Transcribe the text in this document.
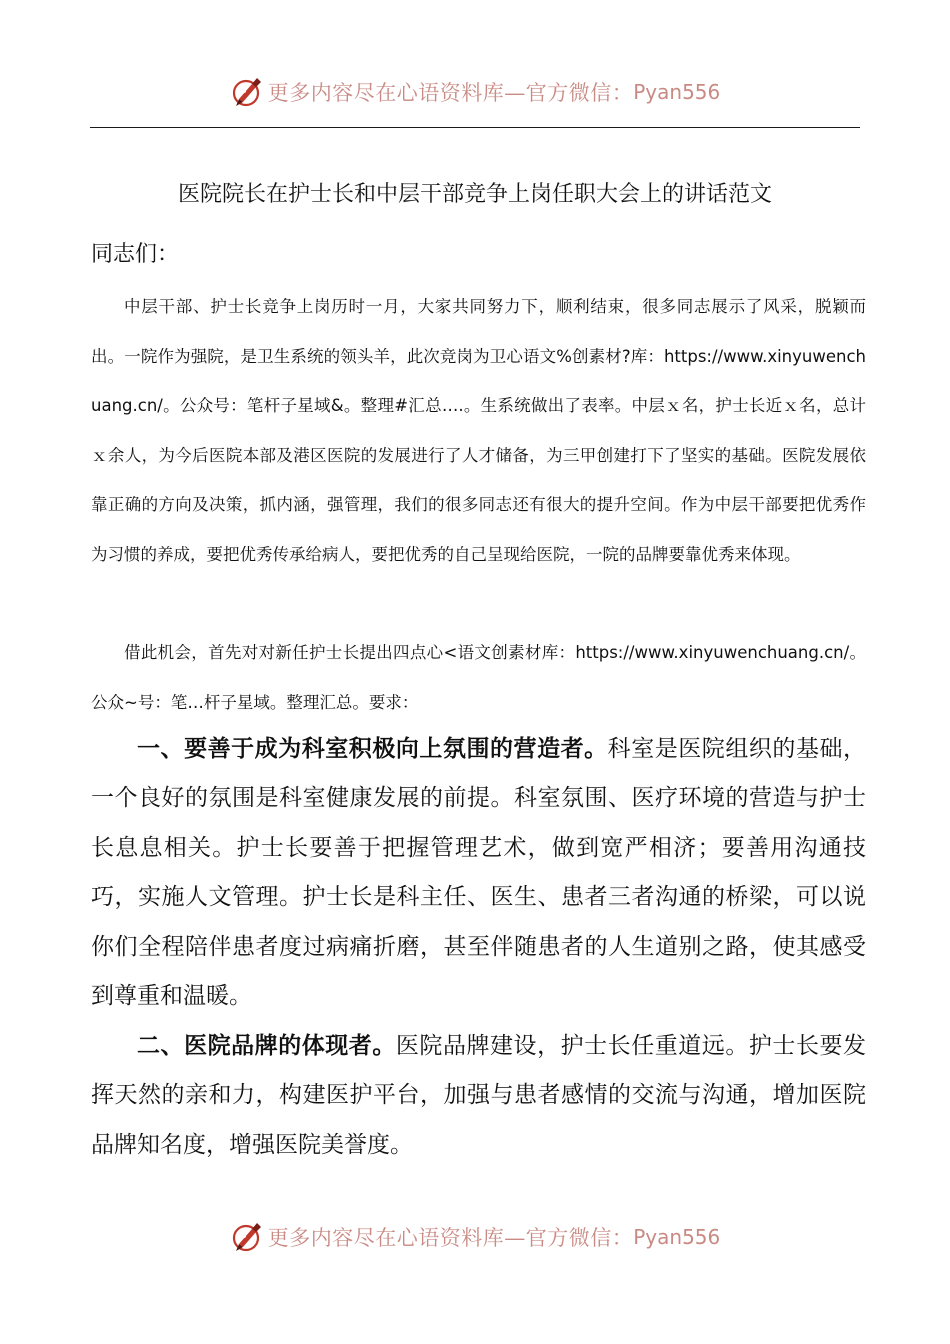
更多内容尽在心语资料库—官方微信： Pyan556
医院院长在护士长和中层干部竞争上岗任职大会上的讲话范文
同志们：

中层干部、护士长竞争上岗历时一月，大家共同努力下，顺利结束，很多同志展示了风采，脱颖而出。一院作为强院，是卫生系统的领头羊，此次竞岗为卫心语文%创素材?库：https://www.xinyuwenchuang.cn/。公众号：笔杆子星域&。整理#汇总….。生系统做出了表率。中层ｘ名，护士长近ｘ名，总计ｘ余人，为今后医院本部及港区医院的发展进行了人才储备，为三甲创建打下了坚实的基础。医院发展依靠正确的方向及决策，抓内涵，强管理，我们的很多同志还有很大的提升空间。作为中层干部要把优秀作为习惯的养成，要把优秀传承给病人，要把优秀的自己呈现给医院，一院的品牌要靠优秀来体现。

借此机会，首先对对新任护士长提出四点心<语文创素材库：https://www.xinyuwenchuang.cn/。公众~号：笔…杆子星域。整理汇总。要求：

一、要善于成为科室积极向上氛围的营造者。科室是医院组织的基础，一个良好的氛围是科室健康发展的前提。科室氛围、医疗环境的营造与护士长息息相关。护士长要善于把握管理艺术，做到宽严相济；要善用沟通技巧，实施人文管理。护士长是科主任、医生、患者三者沟通的桥梁，可以说你们全程陪伴患者度过病痛折磨，甚至伴随患者的人生道别之路，使其感受到尊重和温暖。

二、医院品牌的体现者。医院品牌建设，护士长任重道远。护士长要发挥天然的亲和力，构建医护平台，加强与患者感情的交流与沟通，增加医院品牌知名度，增强医院美誉度。

更多内容尽在心语资料库—官方微信： Pyan556
